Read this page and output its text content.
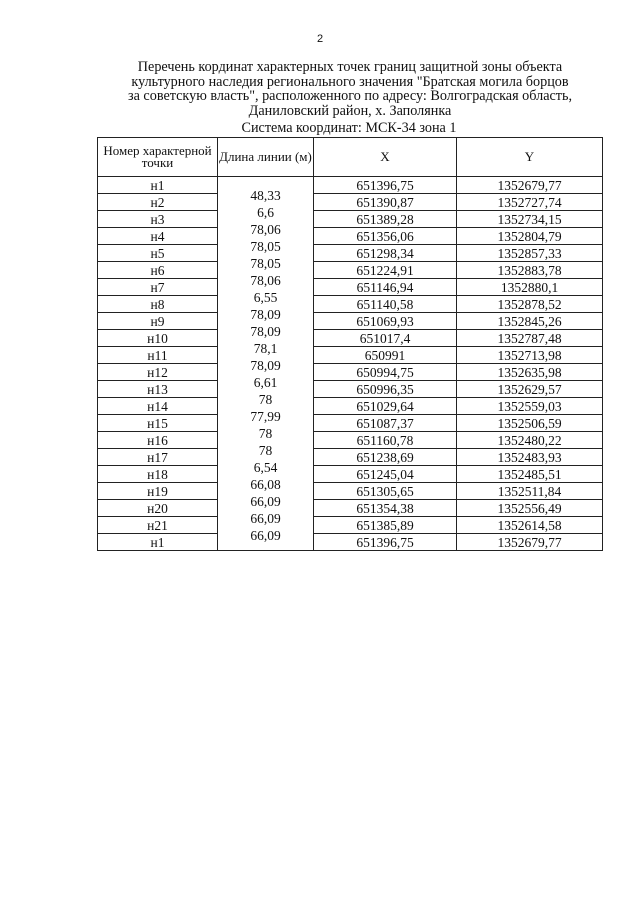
2
Перечень кординат характерных точек границ защитной зоны объекта
культурного наследия регионального значения "Братская могила борцов
за советскую власть", расположенного по адресу: Волгоградская область,
Даниловский район, х. Заполянка
Система координат: МСК-34 зона 1
Номер характерной точки	Длина линии (м)	X	Y
н1	48,33	651396,75	1352679,77
н2	6,6	651390,87	1352727,74
н3	78,06	651389,28	1352734,15
н4	78,05	651356,06	1352804,79
н5	78,05	651298,34	1352857,33
н6	78,06	651224,91	1352883,78
н7	6,55	651146,94	1352880,1
н8	78,09	651140,58	1352878,52
н9	78,09	651069,93	1352845,26
н10	78,1	651017,4	1352787,48
н11	78,09	650991	1352713,98
н12	6,61	650994,75	1352635,98
н13	78	650996,35	1352629,57
н14	77,99	651029,64	1352559,03
н15	78	651087,37	1352506,59
н16	78	651160,78	1352480,22
н17	6,54	651238,69	1352483,93
н18	66,08	651245,04	1352485,51
н19	66,09	651305,65	1352511,84
н20	66,09	651354,38	1352556,49
н21	66,09	651385,89	1352614,58
н1		651396,75	1352679,77
